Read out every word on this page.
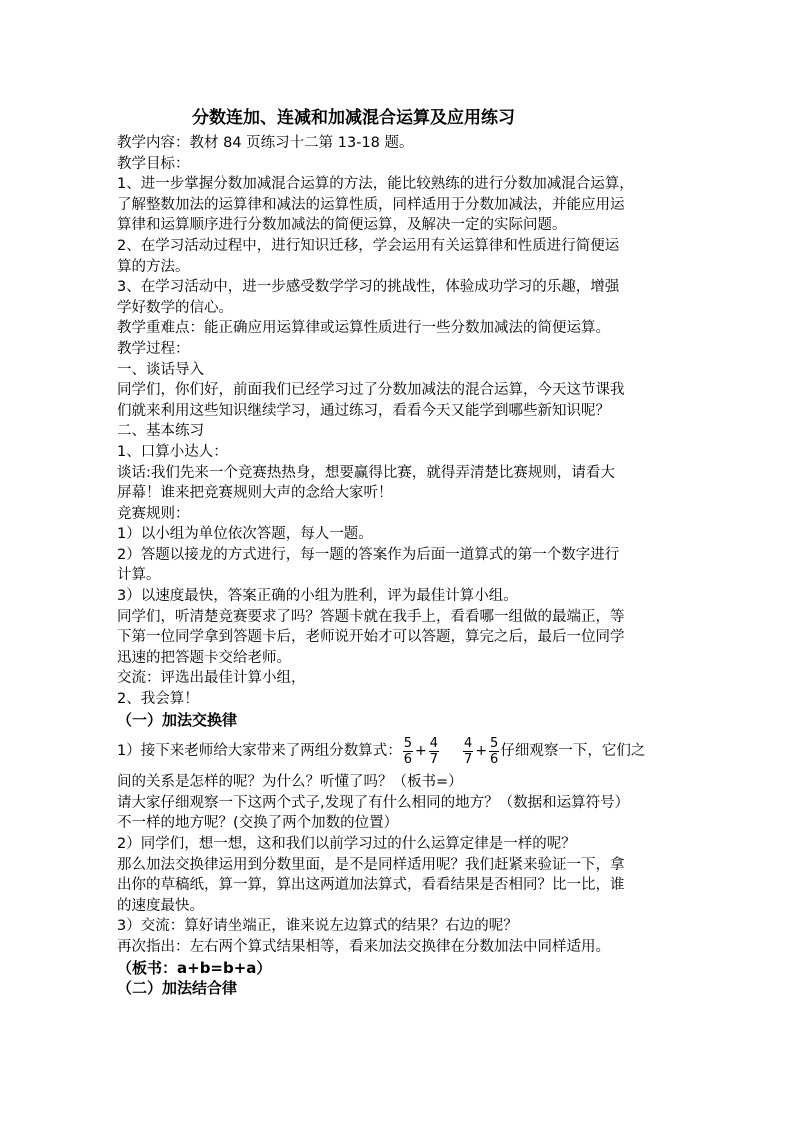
分数连加、连减和加减混合运算及应用练习
教学内容：教材 84 页练习十二第 13-18 题。
教学目标：
1、进一步掌握分数加减混合运算的方法，能比较熟练的进行分数加减混合运算，
了解整数加法的运算律和减法的运算性质，同样适用于分数加减法，并能应用运
算律和运算顺序进行分数加减法的简便运算，及解决一定的实际问题。
2、在学习活动过程中，进行知识迁移，学会运用有关运算律和性质进行简便运
算的方法。
3、在学习活动中，进一步感受数学学习的挑战性，体验成功学习的乐趣，增强
学好数学的信心。
教学重难点：能正确应用运算律或运算性质进行一些分数加减法的简便运算。
教学过程：
一、谈话导入
同学们，你们好，前面我们已经学习过了分数加减法的混合运算，今天这节课我
们就来利用这些知识继续学习，通过练习，看看今天又能学到哪些新知识呢？
二、基本练习
1、口算小达人：
谈话:我们先来一个竞赛热热身，想要赢得比赛，就得弄清楚比赛规则，请看大
屏幕！谁来把竞赛规则大声的念给大家听！
竞赛规则：
1）以小组为单位依次答题，每人一题。
2）答题以接龙的方式进行，每一题的答案作为后面一道算式的第一个数字进行
计算。
3）以速度最快，答案正确的小组为胜利，评为最佳计算小组。
同学们，听清楚竞赛要求了吗？答题卡就在我手上，看看哪一组做的最端正，等
下第一位同学拿到答题卡后，老师说开始才可以答题，算完之后，最后一位同学
迅速的把答题卡交给老师。
交流：评选出最佳计算小组，
2、我会算！
（一）加法交换律
1）接下来老师给大家带来了两组分数算式： $\frac{5}{6} + \frac{4}{7} \frac{4}{7} + \frac{5}{6}$ 仔细观察一下，它们之
间的关系是怎样的呢？为什么？听懂了吗？（板书=）
请大家仔细观察一下这两个式子,发现了有什么相同的地方？（数据和运算符号）
不一样的地方呢？(交换了两个加数的位置）
2）同学们，想一想，这和我们以前学习过的什么运算定律是一样的呢？
那么加法交换律运用到分数里面，是不是同样适用呢？我们赶紧来验证一下，拿
出你的草稿纸，算一算，算出这两道加法算式，看看结果是否相同？比一比，谁
的速度最快。
3）交流：算好请坐端正，谁来说左边算式的结果？右边的呢？
再次指出：左右两个算式结果相等，看来加法交换律在分数加法中同样适用。
（板书：a+b=b+a）
（二）加法结合律
